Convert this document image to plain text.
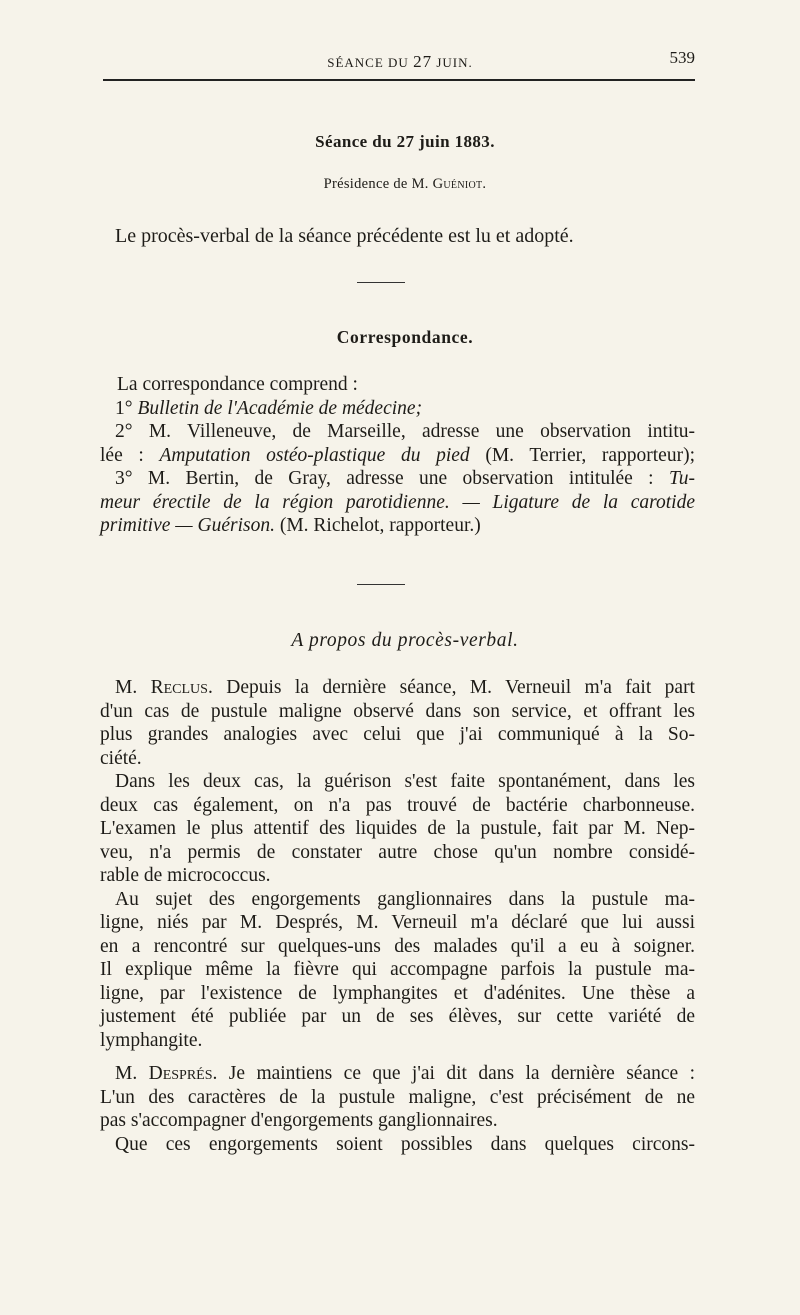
SÉANCE DU 27 JUIN.	539
Séance du 27 juin 1883.
Présidence de M. Guéniot.
Le procès-verbal de la séance précédente est lu et adopté.
Correspondance.
La correspondance comprend :
1° Bulletin de l'Académie de médecine;
2° M. Villeneuve, de Marseille, adresse une observation intitu-
lée : Amputation ostéo-plastique du pied (M. Terrier, rapporteur);
3° M. Bertin, de Gray, adresse une observation intitulée : Tu-
meur érectile de la région parotidienne. — Ligature de la carotide
primitive — Guérison. (M. Richelot, rapporteur.)
A propos du procès-verbal.
M. Reclus. Depuis la dernière séance, M. Verneuil m'a fait part
d'un cas de pustule maligne observé dans son service, et offrant les
plus grandes analogies avec celui que j'ai communiqué à la So-
ciété.
Dans les deux cas, la guérison s'est faite spontanément, dans les
deux cas également, on n'a pas trouvé de bactérie charbonneuse.
L'examen le plus attentif des liquides de la pustule, fait par M. Nep-
veu, n'a permis de constater autre chose qu'un nombre considé-
rable de micrococcus.
Au sujet des engorgements ganglionnaires dans la pustule ma-
ligne, niés par M. Després, M. Verneuil m'a déclaré que lui aussi
en a rencontré sur quelques-uns des malades qu'il a eu à soigner.
Il explique même la fièvre qui accompagne parfois la pustule ma-
ligne, par l'existence de lymphangites et d'adénites. Une thèse a
justement été publiée par un de ses élèves, sur cette variété de
lymphangite.
M. Després. Je maintiens ce que j'ai dit dans la dernière séance :
L'un des caractères de la pustule maligne, c'est précisément de ne
pas s'accompagner d'engorgements ganglionnaires.
Que ces engorgements soient possibles dans quelques circons-
